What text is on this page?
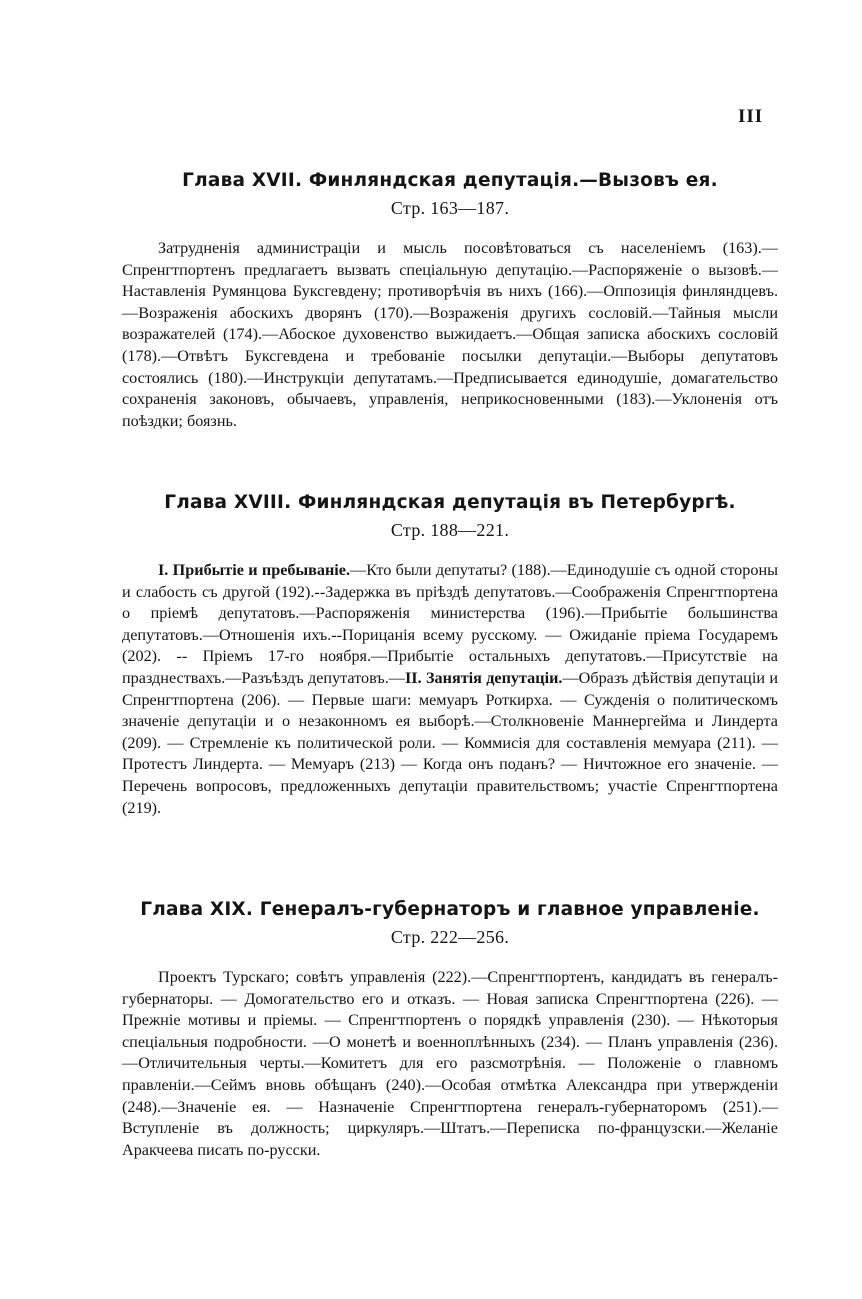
III
Глава XVII. Финляндская депутація.—Вызовъ ея.
Стр. 163—187.

Затрудненія администраціи и мысль посовѣтоваться съ населеніемъ (163).—Спренгтпортенъ предлагаетъ вызвать спеціальную депутацію.—Распоряженіе о вызовѣ.—Наставленія Румянцова Буксгевдену; противорѣчія въ нихъ (166).—Оппозиція финляндцевъ.—Возраженія абоскихъ дворянъ (170).—Возраженія другихъ сословій.—Тайныя мысли возражателей (174).—Абоское духовенство выжидаетъ.—Общая записка абоскихъ сословій (178).—Отвѣтъ Буксгевдена и требованіе посылки депутаціи.—Выборы депутатовъ состоялись (180).—Инструкціи депутатамъ.—Предписывается единодушіе, домагательство сохраненія законовъ, обычаевъ, управленія, неприкосновенными (183).—Уклоненія отъ поѣздки; боязнь.

Глава XVIII. Финляндская депутація въ Петербургѣ.
Стр. 188—221.

I. Прибытіе и пребываніе.—Кто были депутаты? (188).—Единодушіе съ одной стороны и слабость съ другой (192).--Задержка въ пріѣздѣ депутатовъ.—Соображенія Спренгтпортена о пріемѣ депутатовъ.—Распоряженія министерства (196).—Прибытіе большинства депутатовъ.—Отношенія ихъ.--Порицанія всему русскому. — Ожиданіе пріема Государемъ (202). -- Пріемъ 17-го ноября.—Прибытіе остальныхъ депутатовъ.—Присутствіе на празднествахъ.—Разъѣздъ депутатовъ.—II. Занятія депутаціи.—Образъ дѣйствія депутаціи и Спренгтпортена (206). — Первые шаги: мемуаръ Роткирха. — Сужденія о политическомъ значеніе депутаціи и о незаконномъ ея выборѣ.—Столкновеніе Маннергейма и Линдерта (209). — Стремленіе къ политической роли. — Коммисія для составленія мемуара (211). — Протестъ Линдерта. — Мемуаръ (213) — Когда онъ поданъ? — Ничтожное его значеніе. — Перечень вопросовъ, предложенныхъ депутаціи правительствомъ; участіе Спренгтпортена (219).

Глава XIX. Генералъ-губернаторъ и главное управленіе.
Стр. 222—256.

Проектъ Турскаго; совѣтъ управленія (222).—Спренгтпортенъ, кандидатъ въ генералъ-губернаторы. — Домогательство его и отказъ. — Новая записка Спренгтпортена (226). — Прежніе мотивы и пріемы. — Спренгтпортенъ о порядкѣ управленія (230). — Нѣкоторыя спеціальныя подробности. —О монетѣ и военноплѣнныхъ (234). — Планъ управленія (236). —Отличительныя черты.—Комитетъ для его разсмотрѣнія. — Положеніе о главномъ правленіи.—Сеймъ вновь обѣщанъ (240).—Особая отмѣтка Александра при утвержденіи (248).—Значеніе ея. — Назначеніе Спренгтпортена генералъ-губернаторомъ (251).—Вступленіе въ должность; циркуляръ.—Штатъ.—Переписка по-французски.—Желаніе Аракчеева писать по-русски.
